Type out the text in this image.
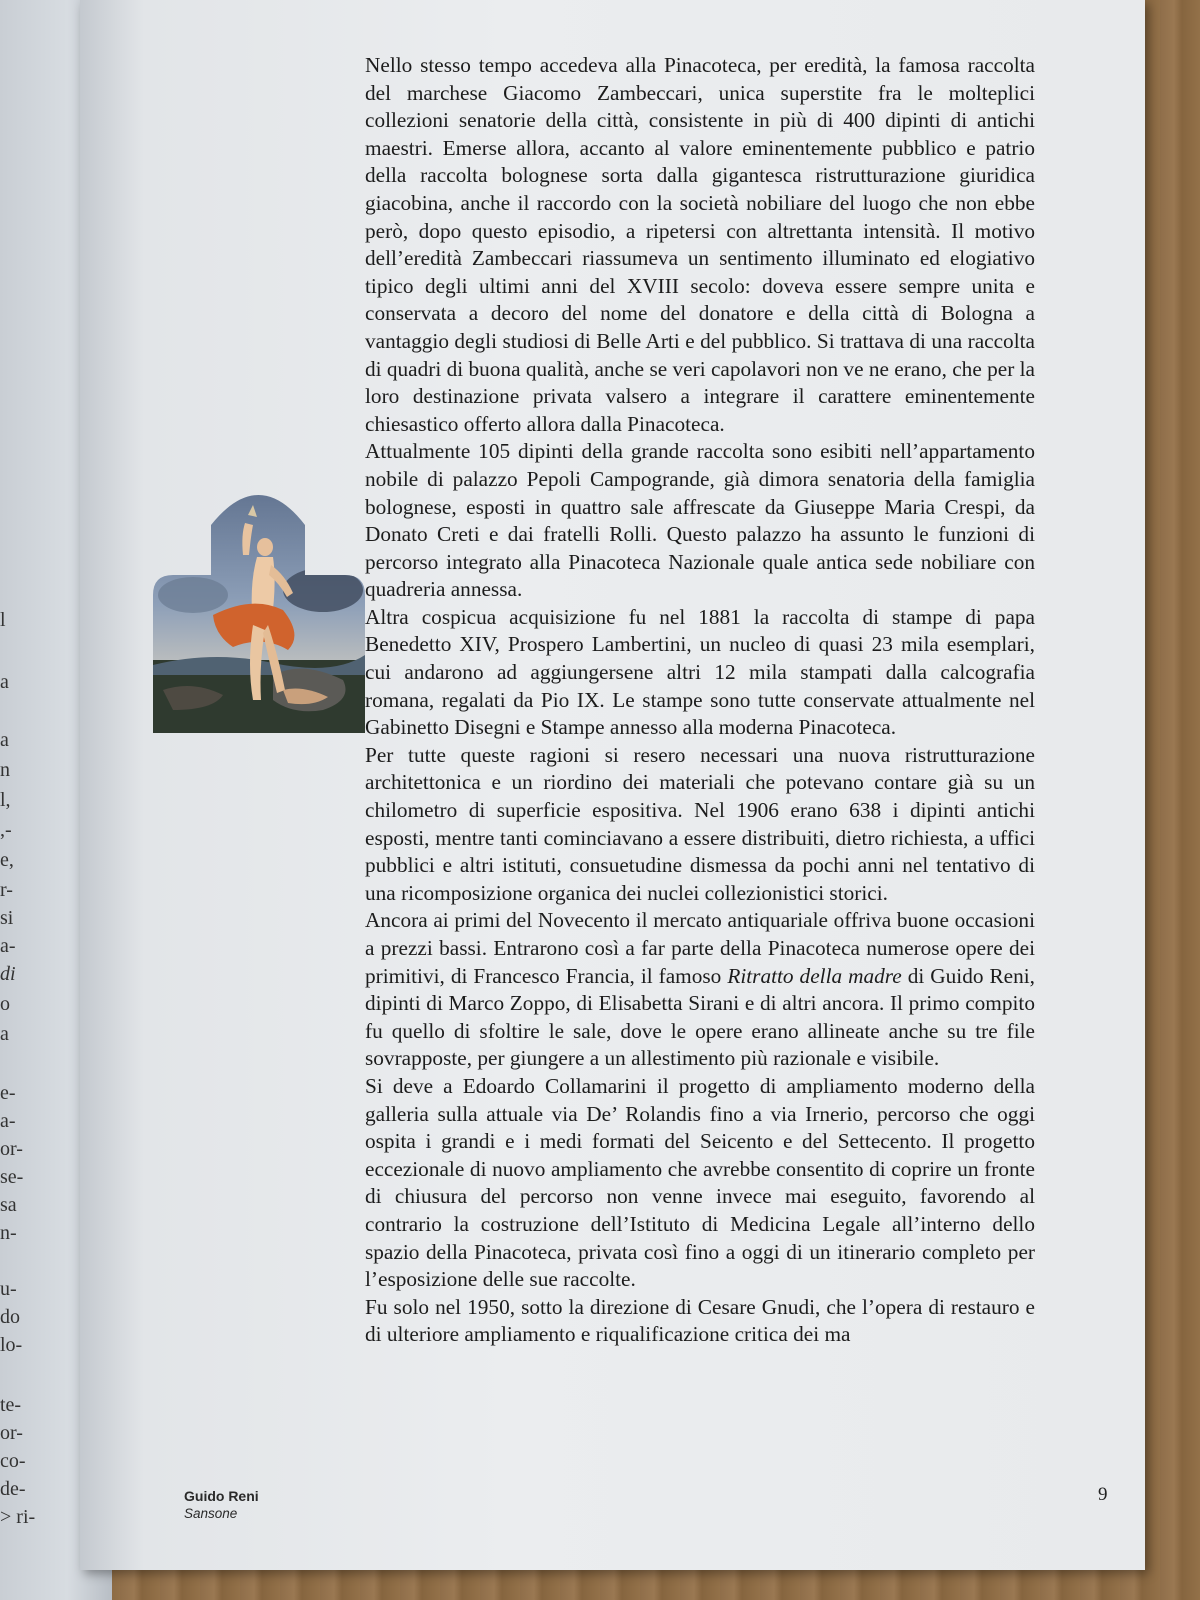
l
a
a
n
l,
,-
e,
r-
si
a-
di
o
a
e-
a-
or-
se-
sa
n-
u-
do
lo-
te-
or-
co-
de-
> ri-

Nello stesso tempo accedeva alla Pinacoteca, per eredità, la famosa raccolta del marchese Giacomo Zambeccari, unica superstite fra le molteplici collezioni senatorie della città, consistente in più di 400 dipinti di antichi maestri. Emerse allora, accanto al valore eminentemente pubblico e patrio della raccolta bolognese sorta dalla gigantesca ristrutturazione giuridica giacobina, anche il raccordo con la società nobiliare del luogo che non ebbe però, dopo questo episodio, a ripetersi con altrettanta intensità. Il motivo dell’eredità Zambeccari riassumeva un sentimento illuminato ed elogiativo tipico degli ultimi anni del XVIII secolo: doveva essere sempre unita e conservata a decoro del nome del donatore e della città di Bologna a vantaggio degli studiosi di Belle Arti e del pubblico. Si trattava di una raccolta di quadri di buona qualità, anche se veri capolavori non ve ne erano, che per la loro destinazione privata valsero a integrare il carattere eminentemente chiesastico offerto allora dalla Pinacoteca.

Attualmente 105 dipinti della grande raccolta sono esibiti nell’appartamento nobile di palazzo Pepoli Campogrande, già dimora senatoria della famiglia bolognese, esposti in quattro sale affrescate da Giuseppe Maria Crespi, da Donato Creti e dai fratelli Rolli. Questo palazzo ha assunto le funzioni di percorso integrato alla Pinacoteca Nazionale quale antica sede nobiliare con quadreria annessa.

Altra cospicua acquisizione fu nel 1881 la raccolta di stampe di papa Benedetto XIV, Prospero Lambertini, un nucleo di quasi 23 mila esemplari, cui andarono ad aggiungersene altri 12 mila stampati dalla calcografia romana, regalati da Pio IX. Le stampe sono tutte conservate attualmente nel Gabinetto Disegni e Stampe annesso alla moderna Pinacoteca.

Per tutte queste ragioni si resero necessari una nuova ristrutturazione architettonica e un riordino dei materiali che potevano contare già su un chilometro di superficie espositiva. Nel 1906 erano 638 i dipinti antichi esposti, mentre tanti cominciavano a essere distribuiti, dietro richiesta, a uffici pubblici e altri istituti, consuetudine dismessa da pochi anni nel tentativo di una ricomposizione organica dei nuclei collezionistici storici.

Ancora ai primi del Novecento il mercato antiquariale offriva buone occasioni a prezzi bassi. Entrarono così a far parte della Pinacoteca numerose opere dei primitivi, di Francesco Francia, il famoso Ritratto della madre di Guido Reni, dipinti di Marco Zoppo, di Elisabetta Sirani e di altri ancora. Il primo compito fu quello di sfoltire le sale, dove le opere erano allineate anche su tre file sovrapposte, per giungere a un allestimento più razionale e visibile.

Si deve a Edoardo Collamarini il progetto di ampliamento moderno della galleria sulla attuale via De’ Rolandis fino a via Irnerio, percorso che oggi ospita i grandi e i medi formati del Seicento e del Settecento. Il progetto eccezionale di nuovo ampliamento che avrebbe consentito di coprire un fronte di chiusura del percorso non venne invece mai eseguito, favorendo al contrario la costruzione dell’Istituto di Medicina Legale all’interno dello spazio della Pinacoteca, privata così fino a oggi di un itinerario completo per l’esposizione delle sue raccolte.

Fu solo nel 1950, sotto la direzione di Cesare Gnudi, che l’opera di restauro e di ulteriore ampliamento e riqualificazione critica dei ma

Guido Reni
Sansone
9
